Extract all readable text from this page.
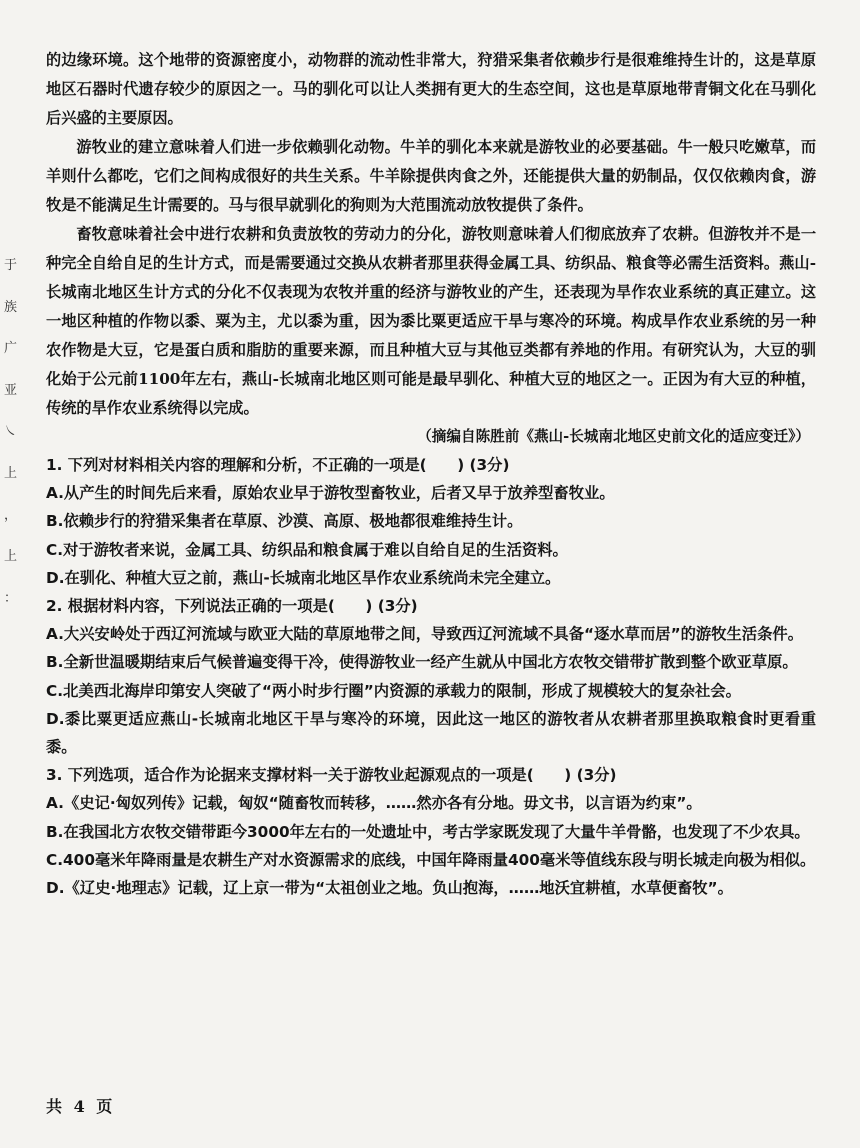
于
族
广
亚
㇏
上
，
上
：

的边缘环境。这个地带的资源密度小，动物群的流动性非常大，狩猎采集者依赖步行是很难维持生计的，这是草原地区石器时代遗存较少的原因之一。马的驯化可以让人类拥有更大的生态空间，这也是草原地带青铜文化在马驯化后兴盛的主要原因。

游牧业的建立意味着人们进一步依赖驯化动物。牛羊的驯化本来就是游牧业的必要基础。牛一般只吃嫩草，而羊则什么都吃，它们之间构成很好的共生关系。牛羊除提供肉食之外，还能提供大量的奶制品，仅仅依赖肉食，游牧是不能满足生计需要的。马与很早就驯化的狗则为大范围流动放牧提供了条件。

畜牧意味着社会中进行农耕和负责放牧的劳动力的分化，游牧则意味着人们彻底放弃了农耕。但游牧并不是一种完全自给自足的生计方式，而是需要通过交换从农耕者那里获得金属工具、纺织品、粮食等必需生活资料。燕山-长城南北地区生计方式的分化不仅表现为农牧并重的经济与游牧业的产生，还表现为旱作农业系统的真正建立。这一地区种植的作物以黍、粟为主，尤以黍为重，因为黍比粟更适应干旱与寒冷的环境。构成旱作农业系统的另一种农作物是大豆，它是蛋白质和脂肪的重要来源，而且种植大豆与其他豆类都有养地的作用。有研究认为，大豆的驯化始于公元前1100年左右，燕山-长城南北地区则可能是最早驯化、种植大豆的地区之一。正因为有大豆的种植，传统的旱作农业系统得以完成。

（摘编自陈胜前《燕山-长城南北地区史前文化的适应变迁》）

1. 下列对材料相关内容的理解和分析，不正确的一项是(　　) (3分)

A.从产生的时间先后来看，原始农业早于游牧型畜牧业，后者又早于放养型畜牧业。

B.依赖步行的狩猎采集者在草原、沙漠、高原、极地都很难维持生计。

C.对于游牧者来说，金属工具、纺织品和粮食属于难以自给自足的生活资料。

D.在驯化、种植大豆之前，燕山-长城南北地区旱作农业系统尚未完全建立。

2. 根据材料内容，下列说法正确的一项是(　　) (3分)

A.大兴安岭处于西辽河流域与欧亚大陆的草原地带之间，导致西辽河流域不具备“逐水草而居”的游牧生活条件。

B.全新世温暖期结束后气候普遍变得干冷，使得游牧业一经产生就从中国北方农牧交错带扩散到整个欧亚草原。

C.北美西北海岸印第安人突破了“两小时步行圈”内资源的承载力的限制，形成了规模较大的复杂社会。

D.黍比粟更适应燕山-长城南北地区干旱与寒冷的环境，因此这一地区的游牧者从农耕者那里换取粮食时更看重黍。

3. 下列选项，适合作为论据来支撑材料一关于游牧业起源观点的一项是(　　) (3分)

A.《史记·匈奴列传》记载，匈奴“随畜牧而转移，……然亦各有分地。毋文书，以言语为约束”。

B.在我国北方农牧交错带距今3000年左右的一处遗址中，考古学家既发现了大量牛羊骨骼，也发现了不少农具。

C.400毫米年降雨量是农耕生产对水资源需求的底线，中国年降雨量400毫米等值线东段与明长城走向极为相似。

D.《辽史·地理志》记载，辽上京一带为“太祖创业之地。负山抱海，……地沃宜耕植，水草便畜牧”。

共 4 页
